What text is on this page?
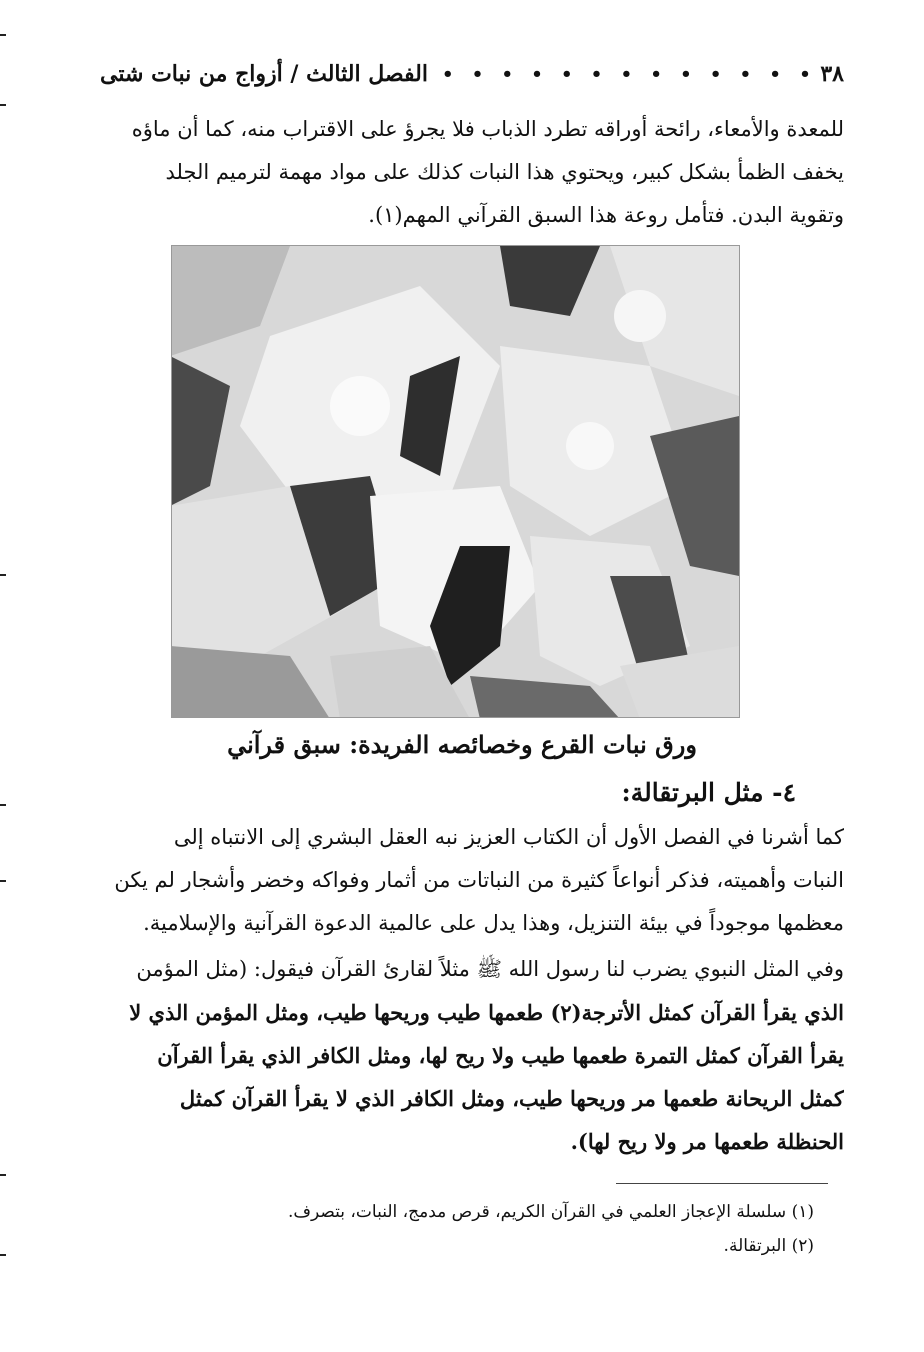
٣٨
• • • • • • • • • • • • •
الفصل الثالث / أزواج من نبات شتى
للمعدة والأمعاء، رائحة أوراقه تطرد الذباب فلا يجرؤ على الاقتراب منه، كما أن ماؤه
يخفف الظمأ بشكل كبير، ويحتوي هذا النبات كذلك على مواد مهمة لترميم الجلد
وتقوية البدن. فتأمل روعة هذا السبق القرآني المهم(١).
ورق نبات القرع وخصائصه الفريدة: سبق قرآني
٤- مثل البرتقالة:
كما أشرنا في الفصل الأول أن الكتاب العزيز نبه العقل البشري إلى الانتباه إلى
النبات وأهميته، فذكر أنواعاً كثيرة من النباتات من أثمار وفواكه وخضر وأشجار لم يكن
معظمها موجوداً في بيئة التنزيل، وهذا يدل على عالمية الدعوة القرآنية والإسلامية.
وفي المثل النبوي يضرب لنا رسول الله ﷺ مثلاً لقارئ القرآن فيقول: (مثل المؤمن
الذي يقرأ القرآن كمثل الأترجة(٢) طعمها طيب وريحها طيب، ومثل المؤمن الذي لا
يقرأ القرآن كمثل التمرة طعمها طيب ولا ريح لها، ومثل الكافر الذي يقرأ القرآن
كمثل الريحانة طعمها مر وريحها طيب، ومثل الكافر الذي لا يقرأ القرآن كمثل
الحنظلة طعمها مر ولا ريح لها).
(١) سلسلة الإعجاز العلمي في القرآن الكريم، قرص مدمج، النبات، بتصرف.
(٢) البرتقالة.
